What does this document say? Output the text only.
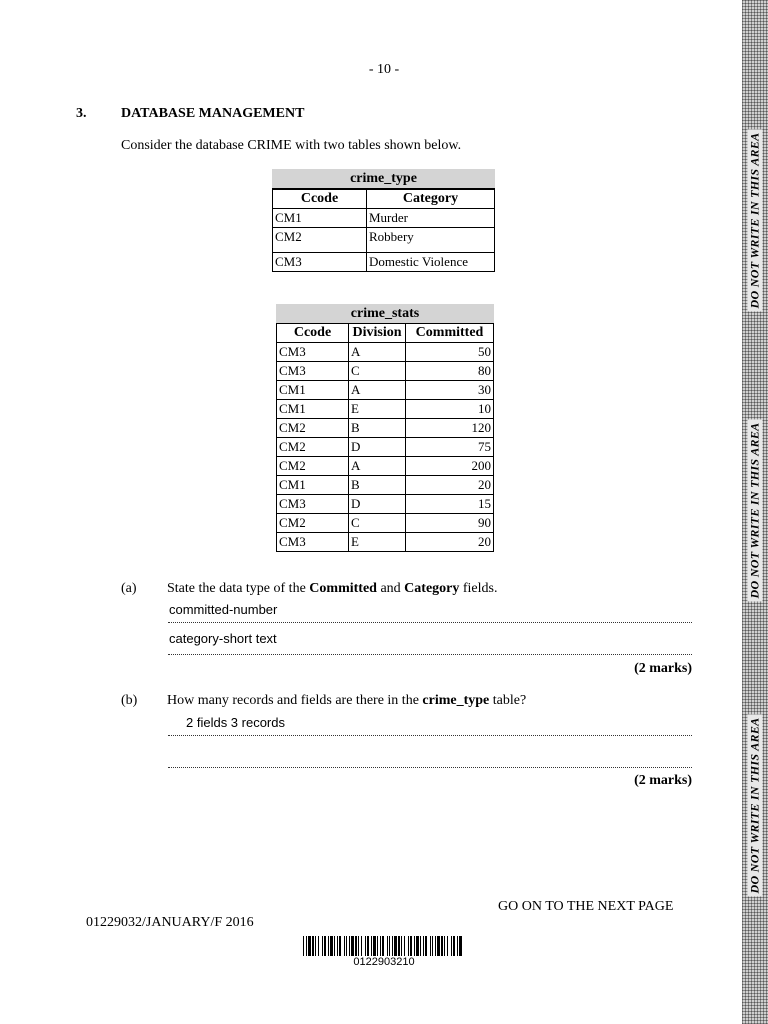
- 10 -
3. DATABASE MANAGEMENT
Consider the database CRIME with two tables shown below.
crime_type
Ccode	Category
CM1	Murder
CM2	Robbery
CM3	Domestic Violence
crime_stats
Ccode	Division	Committed
CM3	A	50
CM3	C	80
CM1	A	30
CM1	E	10
CM2	B	120
CM2	D	75
CM2	A	200
CM1	B	20
CM3	D	15
CM2	C	90
CM3	E	20
(a) State the data type of the Committed and Category fields.
committed-number
category-short text
(2 marks)
(b) How many records and fields are there in the crime_type table?
2 fields 3 records
(2 marks)
GO ON TO THE NEXT PAGE
01229032/JANUARY/F 2016
0122903210
DO NOT WRITE IN THIS AREA
DO NOT WRITE IN THIS AREA
DO NOT WRITE IN THIS AREA
